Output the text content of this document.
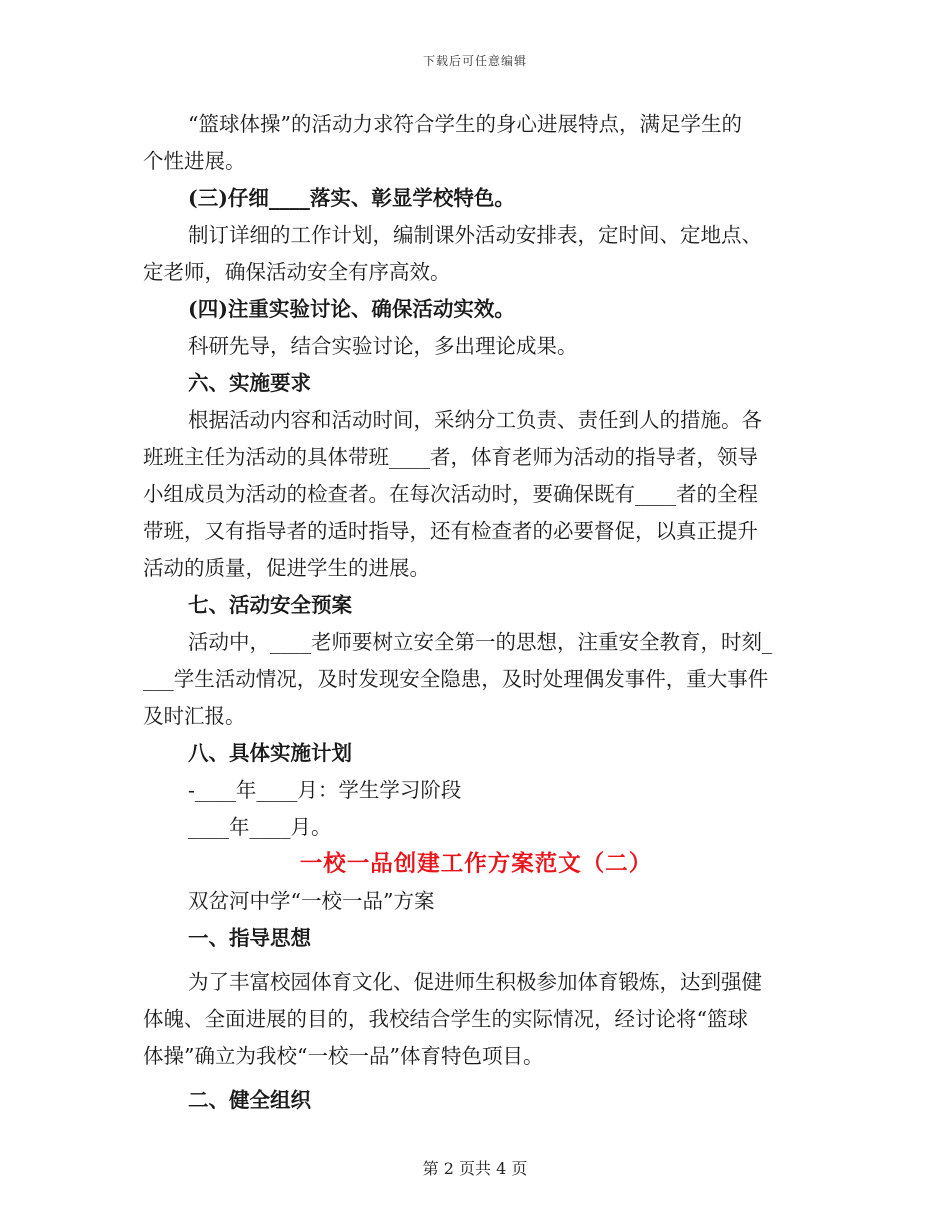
下载后可任意编辑
“篮球体操”的活动力求符合学生的身心进展特点，满足学生的
个性进展。
(三)仔细____落实、彰显学校特色。
制订详细的工作计划，编制课外活动安排表，定时间、定地点、
定老师，确保活动安全有序高效。
(四)注重实验讨论、确保活动实效。
科研先导，结合实验讨论，多出理论成果。
六、实施要求
根据活动内容和活动时间，采纳分工负责、责任到人的措施。各
班班主任为活动的具体带班____者，体育老师为活动的指导者，领导
小组成员为活动的检查者。在每次活动时，要确保既有____者的全程
带班，又有指导者的适时指导，还有检查者的必要督促，以真正提升
活动的质量，促进学生的进展。
七、活动安全预案
活动中，____老师要树立安全第一的思想，注重安全教育，时刻_
___学生活动情况，及时发现安全隐患，及时处理偶发事件，重大事件
及时汇报。
八、具体实施计划
-____年____月：学生学习阶段
____年____月。
一校一品创建工作方案范文（二）
双岔河中学“一校一品”方案
一、指导思想
为了丰富校园体育文化、促进师生积极参加体育锻炼，达到强健
体魄、全面进展的目的，我校结合学生的实际情况，经讨论将“篮球
体操”确立为我校“一校一品”体育特色项目。
二、健全组织
第 2 页共 4 页
